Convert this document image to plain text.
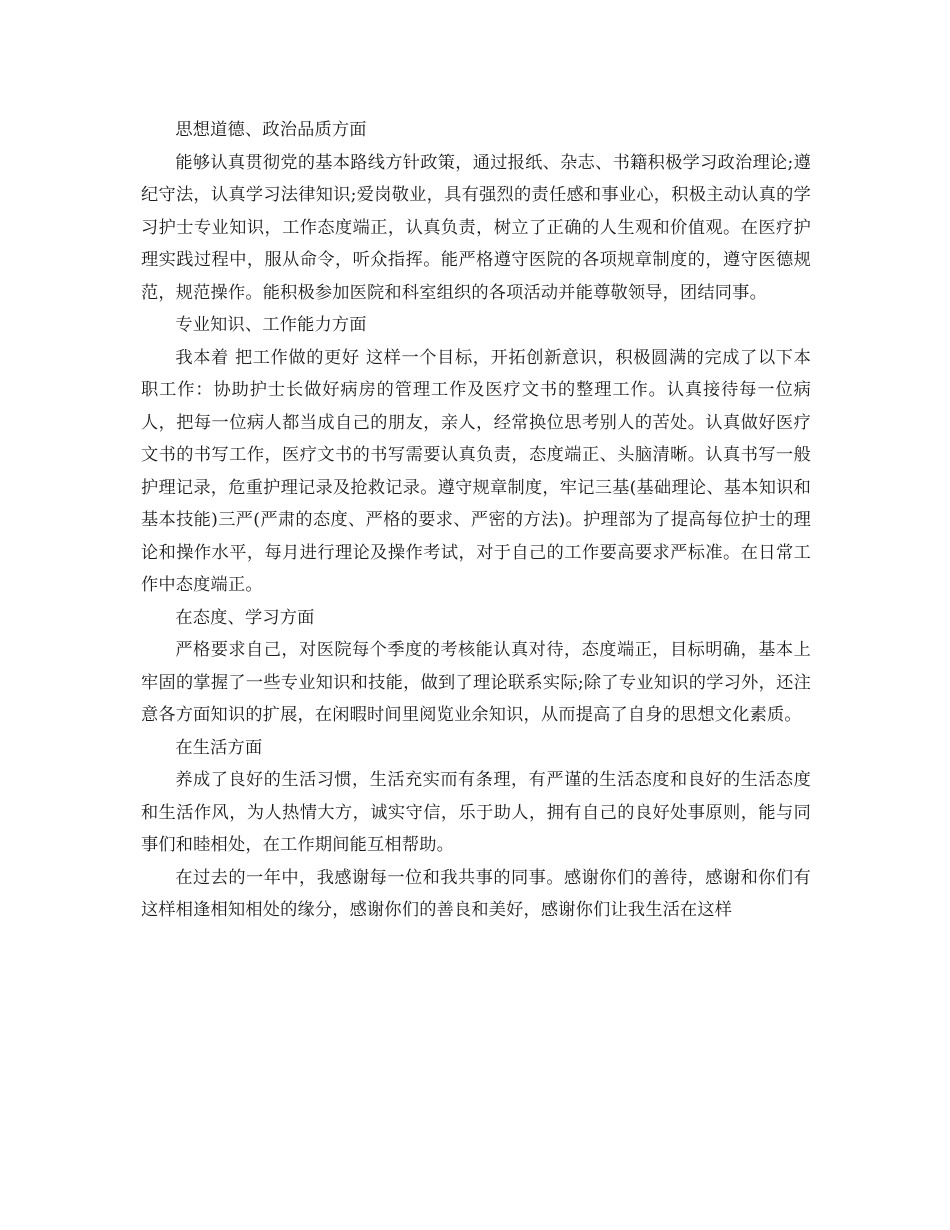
思想道德、政治品质方面

能够认真贯彻党的基本路线方针政策，通过报纸、杂志、书籍积极学习政治理论;遵纪守法，认真学习法律知识;爱岗敬业，具有强烈的责任感和事业心，积极主动认真的学习护士专业知识，工作态度端正，认真负责，树立了正确的人生观和价值观。在医疗护理实践过程中，服从命令，听众指挥。能严格遵守医院的各项规章制度的，遵守医德规范，规范操作。能积极参加医院和科室组织的各项活动并能尊敬领导，团结同事。

专业知识、工作能力方面

我本着 把工作做的更好 这样一个目标，开拓创新意识，积极圆满的完成了以下本职工作：协助护士长做好病房的管理工作及医疗文书的整理工作。认真接待每一位病人，把每一位病人都当成自己的朋友，亲人，经常换位思考别人的苦处。认真做好医疗文书的书写工作，医疗文书的书写需要认真负责，态度端正、头脑清晰。认真书写一般护理记录，危重护理记录及抢救记录。遵守规章制度，牢记三基(基础理论、基本知识和基本技能)三严(严肃的态度、严格的要求、严密的方法)。护理部为了提高每位护士的理论和操作水平，每月进行理论及操作考试，对于自己的工作要高要求严标准。在日常工作中态度端正。

在态度、学习方面

严格要求自己，对医院每个季度的考核能认真对待，态度端正，目标明确，基本上牢固的掌握了一些专业知识和技能，做到了理论联系实际;除了专业知识的学习外，还注意各方面知识的扩展，在闲暇时间里阅览业余知识，从而提高了自身的思想文化素质。

在生活方面

养成了良好的生活习惯，生活充实而有条理，有严谨的生活态度和良好的生活态度和生活作风，为人热情大方，诚实守信，乐于助人，拥有自己的良好处事原则，能与同事们和睦相处，在工作期间能互相帮助。

在过去的一年中，我感谢每一位和我共事的同事。感谢你们的善待，感谢和你们有这样相逢相知相处的缘分，感谢你们的善良和美好，感谢你们让我生活在这样
